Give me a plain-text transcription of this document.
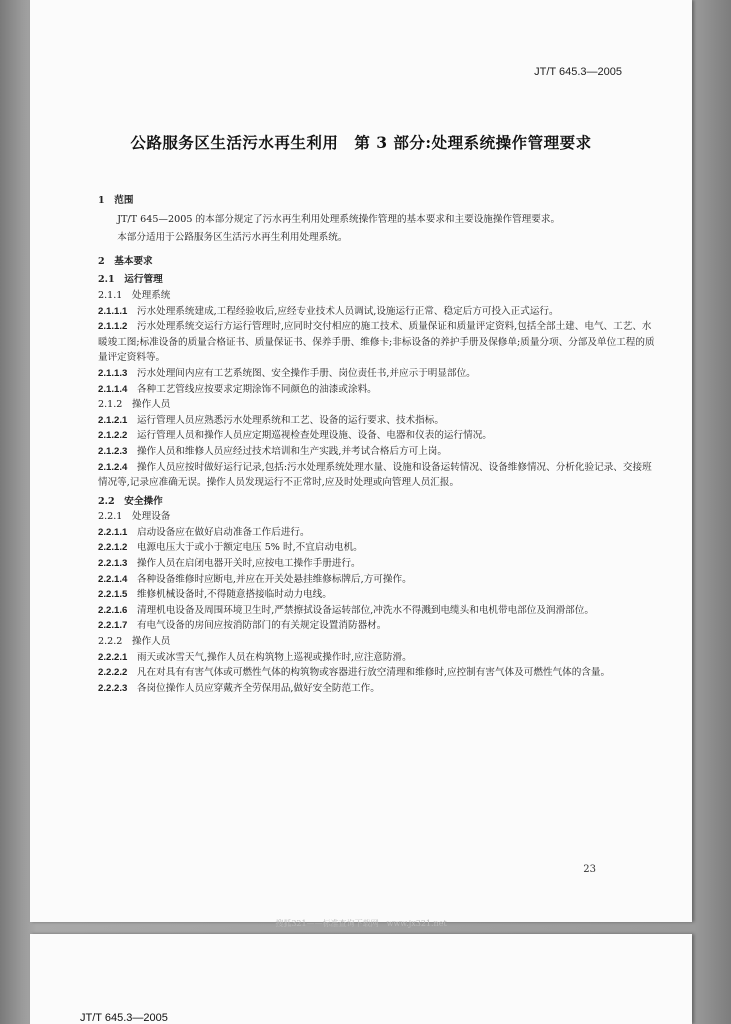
JT/T 645.3—2005
公路服务区生活污水再生利用　第 3 部分:处理系统操作管理要求
1　范围

JT/T 645—2005 的本部分规定了污水再生利用处理系统操作管理的基本要求和主要设施操作管理要求。

本部分适用于公路服务区生活污水再生利用处理系统。

2　基本要求
2.1　运行管理
2.1.1　处理系统

2.1.1.1　 污水处理系统建成,工程经验收后,应经专业技术人员调试,设施运行正常、稳定后方可投入正式运行。

2.1.1.2　 污水处理系统交运行方运行管理时,应同时交付相应的施工技术、质量保证和质量评定资料,包括全部土建、电气、工艺、水暖竣工图;标准设备的质量合格证书、质量保证书、保养手册、维修卡;非标设备的养护手册及保修单;质量分项、分部及单位工程的质量评定资料等。

2.1.1.3　 污水处理间内应有工艺系统图、安全操作手册、岗位责任书,并应示于明显部位。

2.1.1.4　 各种工艺管线应按要求定期涂饰不同颜色的油漆或涂料。

2.1.2　操作人员

2.1.2.1　 运行管理人员应熟悉污水处理系统和工艺、设备的运行要求、技术指标。

2.1.2.2　 运行管理人员和操作人员应定期巡视检查处理设施、设备、电器和仪表的运行情况。

2.1.2.3　 操作人员和维修人员应经过技术培训和生产实践,并考试合格后方可上岗。

2.1.2.4　 操作人员应按时做好运行记录,包括:污水处理系统处理水量、设施和设备运转情况、设备维修情况、分析化验记录、交接班情况等,记录应准确无误。操作人员发现运行不正常时,应及时处理或向管理人员汇报。

2.2　安全操作
2.2.1　处理设备

2.2.1.1　 启动设备应在做好启动准备工作后进行。

2.2.1.2　 电源电压大于或小于额定电压 5% 时,不宜启动电机。

2.2.1.3　 操作人员在启闭电器开关时,应按电工操作手册进行。

2.2.1.4　 各种设备维修时应断电,并应在开关处悬挂维修标牌后,方可操作。

2.2.1.5　 维修机械设备时,不得随意搭接临时动力电线。

2.2.1.6　 清理机电设备及周围环境卫生时,严禁擦拭设备运转部位,冲洗水不得溅到电缆头和电机带电部位及润滑部位。

2.2.1.7　 有电气设备的房间应按消防部门的有关规定设置消防器材。

2.2.2　操作人员

2.2.2.1　 雨天或冰雪天气,操作人员在构筑物上巡视或操作时,应注意防滑。

2.2.2.2　 凡在对具有有害气体或可燃性气体的构筑物或容器进行放空清理和维修时,应控制有害气体及可燃性气体的含量。

2.2.2.3　 各岗位操作人员应穿戴齐全劳保用品,做好安全防范工作。

23
搜狐321——标准查询下载网　www.jx321.net
JT/T 645.3—2005
